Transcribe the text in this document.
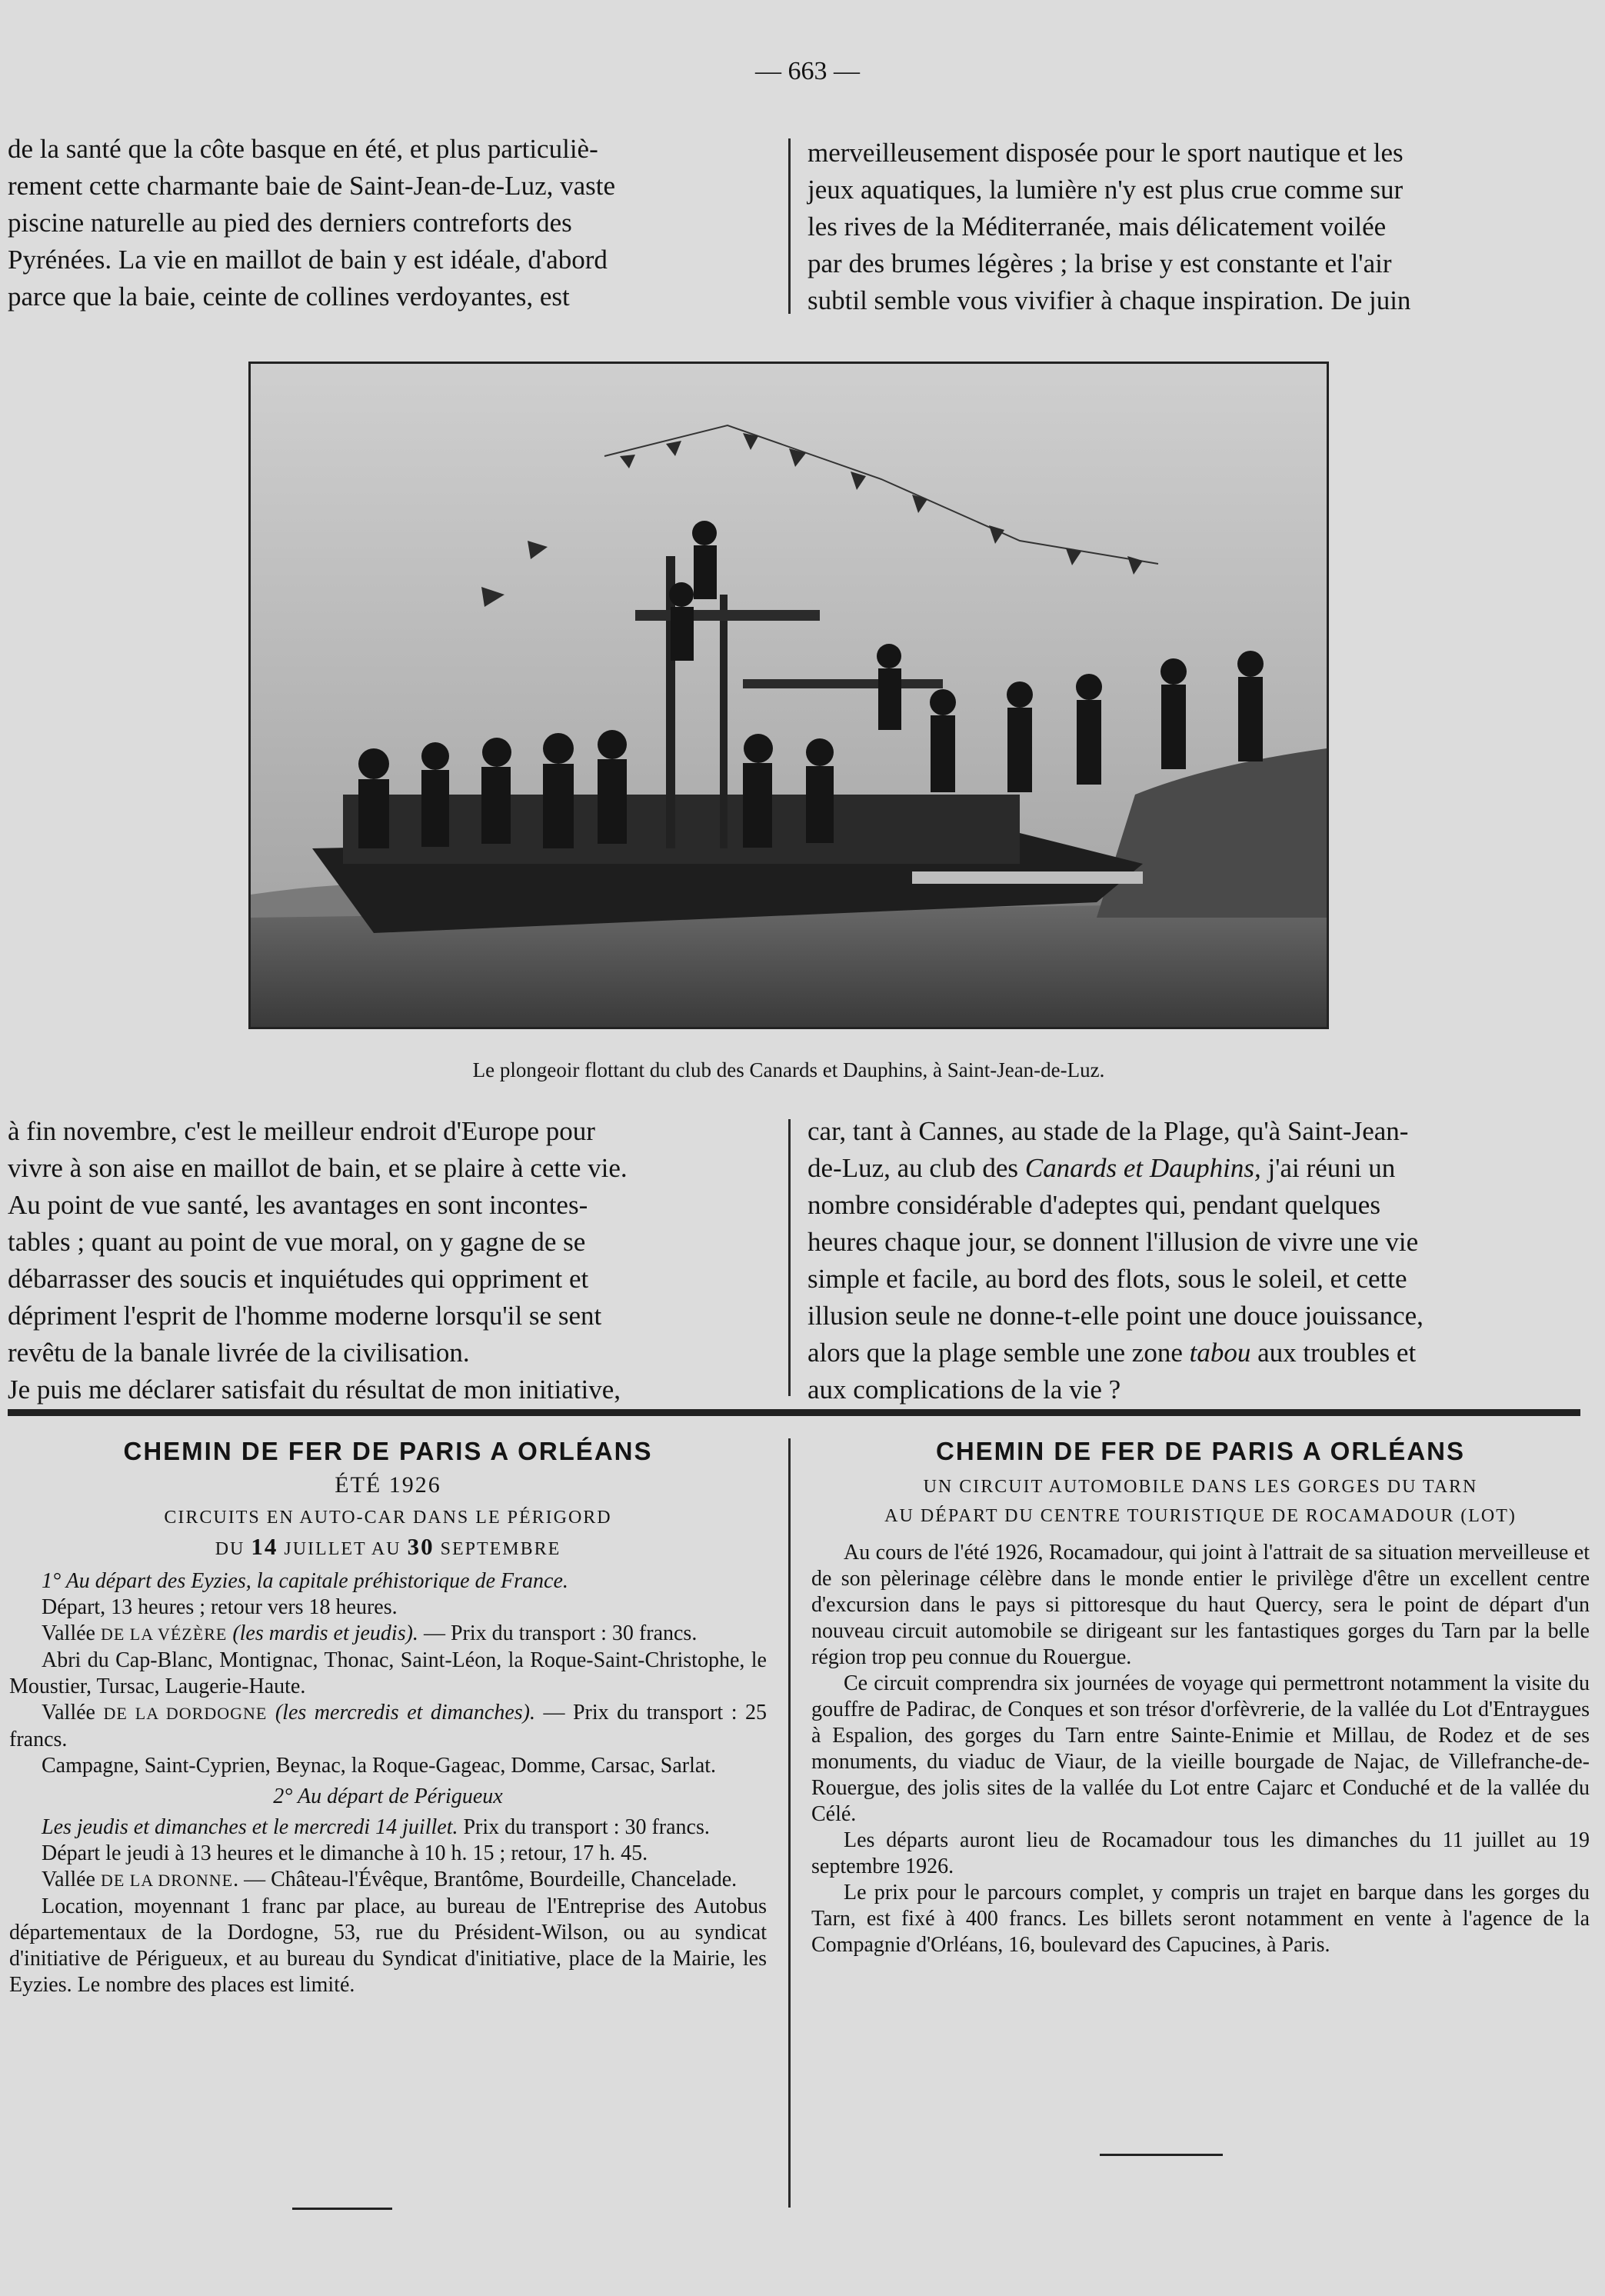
— 663 —

de la santé que la côte basque en été, et plus particuliè-

rement cette charmante baie de Saint-Jean-de-Luz, vaste

piscine naturelle au pied des derniers contreforts des

Pyrénées. La vie en maillot de bain y est idéale, d'abord

parce que la baie, ceinte de collines verdoyantes, est

merveilleusement disposée pour le sport nautique et les

jeux aquatiques, la lumière n'y est plus crue comme sur

les rives de la Méditerranée, mais délicatement voilée

par des brumes légères ; la brise y est constante et l'air

subtil semble vous vivifier à chaque inspiration. De juin

Le plongeoir flottant du club des Canards et Dauphins, à Saint-Jean-de-Luz.

à fin novembre, c'est le meilleur endroit d'Europe pour

vivre à son aise en maillot de bain, et se plaire à cette vie.

Au point de vue santé, les avantages en sont incontes-

tables ; quant au point de vue moral, on y gagne de se

débarrasser des soucis et inquiétudes qui oppriment et

dépriment l'esprit de l'homme moderne lorsqu'il se sent

revêtu de la banale livrée de la civilisation.

Je puis me déclarer satisfait du résultat de mon initiative,

car, tant à Cannes, au stade de la Plage, qu'à Saint-Jean-

de-Luz, au club des Canards et Dauphins, j'ai réuni un

nombre considérable d'adeptes qui, pendant quelques

heures chaque jour, se donnent l'illusion de vivre une vie

simple et facile, au bord des flots, sous le soleil, et cette

illusion seule ne donne-t-elle point une douce jouissance,

alors que la plage semble une zone tabou aux troubles et

aux complications de la vie ?

CHEMIN DE FER DE PARIS A ORLÉANS

ÉTÉ 1926

CIRCUITS EN AUTO-CAR DANS LE PÉRIGORD

DU 14 JUILLET AU 30 SEPTEMBRE

1° Au départ des Eyzies, la capitale préhistorique de France.

Départ, 13 heures ; retour vers 18 heures.

Vallée DE LA VÉZÈRE (les mardis et jeudis). — Prix du transport : 30 francs.

Abri du Cap-Blanc, Montignac, Thonac, Saint-Léon, la Roque-Saint-Christophe, le Moustier, Tursac, Laugerie-Haute.

Vallée DE LA DORDOGNE (les mercredis et dimanches). — Prix du transport : 25 francs.

Campagne, Saint-Cyprien, Beynac, la Roque-Gageac, Domme, Carsac, Sarlat.

2° Au départ de Périgueux

Les jeudis et dimanches et le mercredi 14 juillet. Prix du transport : 30 francs.

Départ le jeudi à 13 heures et le dimanche à 10 h. 15 ; retour, 17 h. 45.

Vallée DE LA DRONNE. — Château-l'Évêque, Brantôme, Bourdeille, Chancelade.

Location, moyennant 1 franc par place, au bureau de l'Entreprise des Autobus départementaux de la Dordogne, 53, rue du Président-Wilson, ou au syndicat d'initiative de Périgueux, et au bureau du Syndicat d'initiative, place de la Mairie, les Eyzies. Le nombre des places est limité.

CHEMIN DE FER DE PARIS A ORLÉANS

UN CIRCUIT AUTOMOBILE DANS LES GORGES DU TARN

AU DÉPART DU CENTRE TOURISTIQUE DE ROCAMADOUR (LOT)

Au cours de l'été 1926, Rocamadour, qui joint à l'attrait de sa situation merveilleuse et de son pèlerinage célèbre dans le monde entier le privilège d'être un excellent centre d'excursion dans le pays si pittoresque du haut Quercy, sera le point de départ d'un nouveau circuit automobile se dirigeant sur les fantastiques gorges du Tarn par la belle région trop peu connue du Rouergue.

Ce circuit comprendra six journées de voyage qui permettront notamment la visite du gouffre de Padirac, de Conques et son trésor d'orfèvrerie, de la vallée du Lot d'Entraygues à Espalion, des gorges du Tarn entre Sainte-Enimie et Millau, de Rodez et de ses monuments, du viaduc de Viaur, de la vieille bourgade de Najac, de Villefranche-de-Rouergue, des jolis sites de la vallée du Lot entre Cajarc et Conduché et de la vallée du Célé.

Les départs auront lieu de Rocamadour tous les dimanches du 11 juillet au 19 septembre 1926.

Le prix pour le parcours complet, y compris un trajet en barque dans les gorges du Tarn, est fixé à 400 francs. Les billets seront notamment en vente à l'agence de la Compagnie d'Orléans, 16, boulevard des Capucines, à Paris.
